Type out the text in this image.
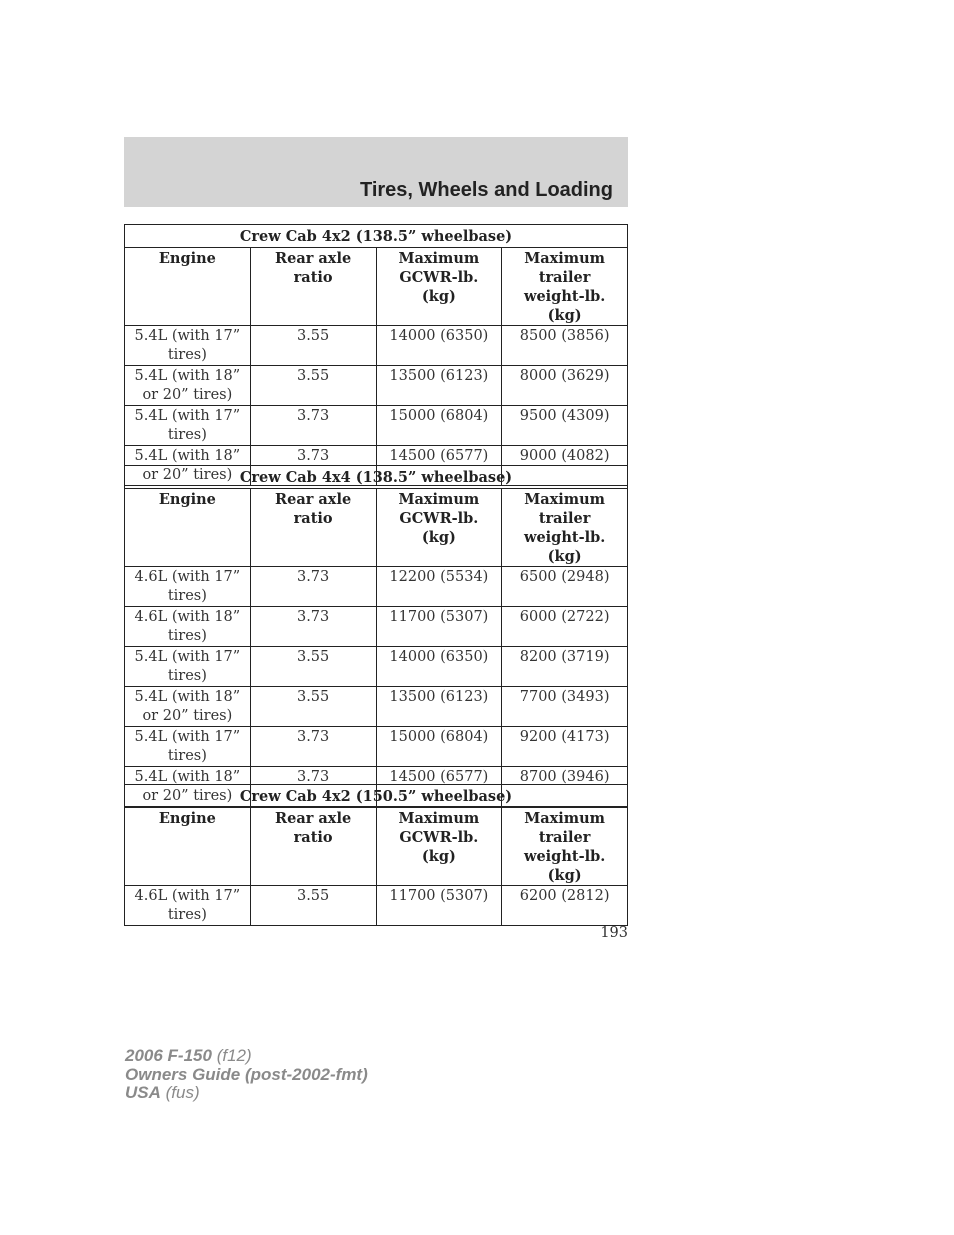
Tires, Wheels and Loading
Crew Cab 4x2 (138.5” wheelbase)			
Engine	Rear axle ratio	Maximum GCWR-lb. (kg)	Maximum trailer weight-lb. (kg)
5.4L (with 17” tires)	3.55	14000 (6350)	8500 (3856)
5.4L (with 18” or 20” tires)	3.55	13500 (6123)	8000 (3629)
5.4L (with 17” tires)	3.73	15000 (6804)	9500 (4309)
5.4L (with 18” or 20” tires)	3.73	14500 (6577)	9000 (4082)
Crew Cab 4x4 (138.5” wheelbase)			
Engine	Rear axle ratio	Maximum GCWR-lb. (kg)	Maximum trailer weight-lb. (kg)
4.6L (with 17” tires)	3.73	12200 (5534)	6500 (2948)
4.6L (with 18” tires)	3.73	11700 (5307)	6000 (2722)
5.4L (with 17” tires)	3.55	14000 (6350)	8200 (3719)
5.4L (with 18” or 20” tires)	3.55	13500 (6123)	7700 (3493)
5.4L (with 17” tires)	3.73	15000 (6804)	9200 (4173)
5.4L (with 18” or 20” tires)	3.73	14500 (6577)	8700 (3946)
Crew Cab 4x2 (150.5” wheelbase)			
Engine	Rear axle ratio	Maximum GCWR-lb. (kg)	Maximum trailer weight-lb. (kg)
4.6L (with 17” tires)	3.55	11700 (5307)	6200 (2812)
193
2006 F-150 (f12)
Owners Guide (post-2002-fmt)
USA (fus)
